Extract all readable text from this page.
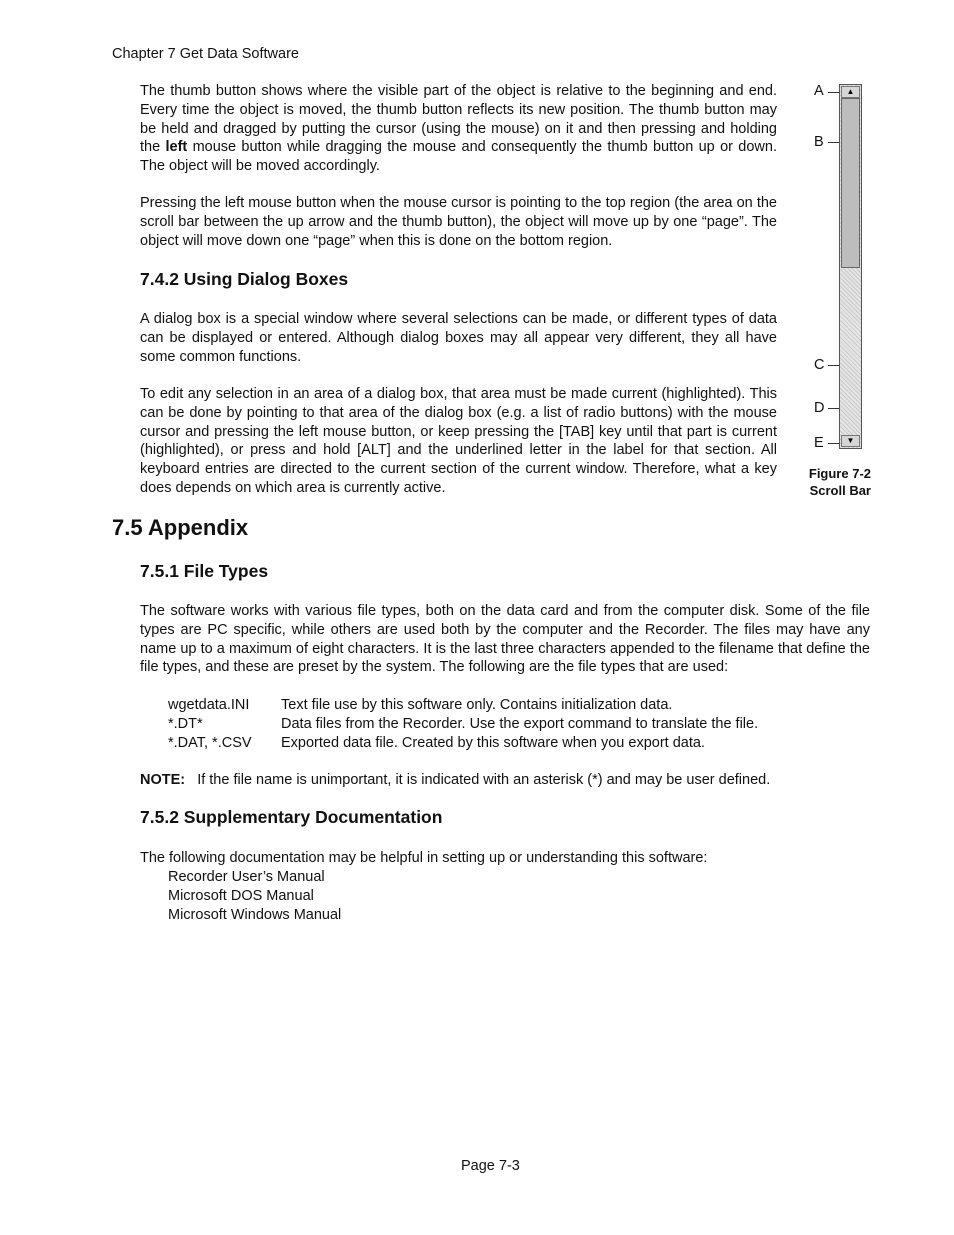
Chapter 7 Get Data Software

The thumb button shows where the visible part of the object is relative to the beginning and end. Every time the object is moved, the thumb button reflects its new position. The thumb button may be held and dragged by putting the cursor (using the mouse) on it and then pressing and holding the left mouse button while dragging the mouse and consequently the thumb button up or down. The object will be moved accordingly.

Pressing the left mouse button when the mouse cursor is pointing to the top region (the area on the scroll bar between the up arrow and the thumb button), the object will move up by one “page”. The object will move down one “page” when this is done on the bottom region.

7.4.2 Using Dialog Boxes

A dialog box is a special window where several selections can be made, or different types of data can be displayed or entered. Although dialog boxes may all appear very different, they all have some common functions.

To edit any selection in an area of a dialog box, that area must be made current (highlighted). This can be done by pointing to that area of the dialog box (e.g. a list of radio buttons) with the mouse cursor and pressing the left mouse button, or keep pressing the [TAB] key until that part is current (highlighted), or press and hold [ALT] and the underlined letter in the label for that section. All keyboard entries are directed to the current section of the current window. Therefore, what a key does depends on which area is currently active.

A
B
C
D
E
▲
▼
Figure 7-2
Scroll Bar
7.5 Appendix
7.5.1 File Types

The software works with various file types, both on the data card and from the computer disk. Some of the file types are PC specific, while others are used both by the computer and the Recorder. The files may have any name up to a maximum of eight characters. It is the last three characters appended to the filename that define the file types, and these are preset by the system. The following are the file types that are used:

wgetdata.INI	Text file use by this software only. Contains initialization data.
*.DT*	Data files from the Recorder. Use the export command to translate the file.
*.DAT, *.CSV	Exported data file. Created by this software when you export data.
NOTE:   If the file name is unimportant, it is indicated with an asterisk (*) and may be user defined.
7.5.2 Supplementary Documentation

The following documentation may be helpful in setting up or understanding this software:

Recorder User’s Manual
Microsoft DOS Manual
Microsoft Windows Manual
Page 7-3
